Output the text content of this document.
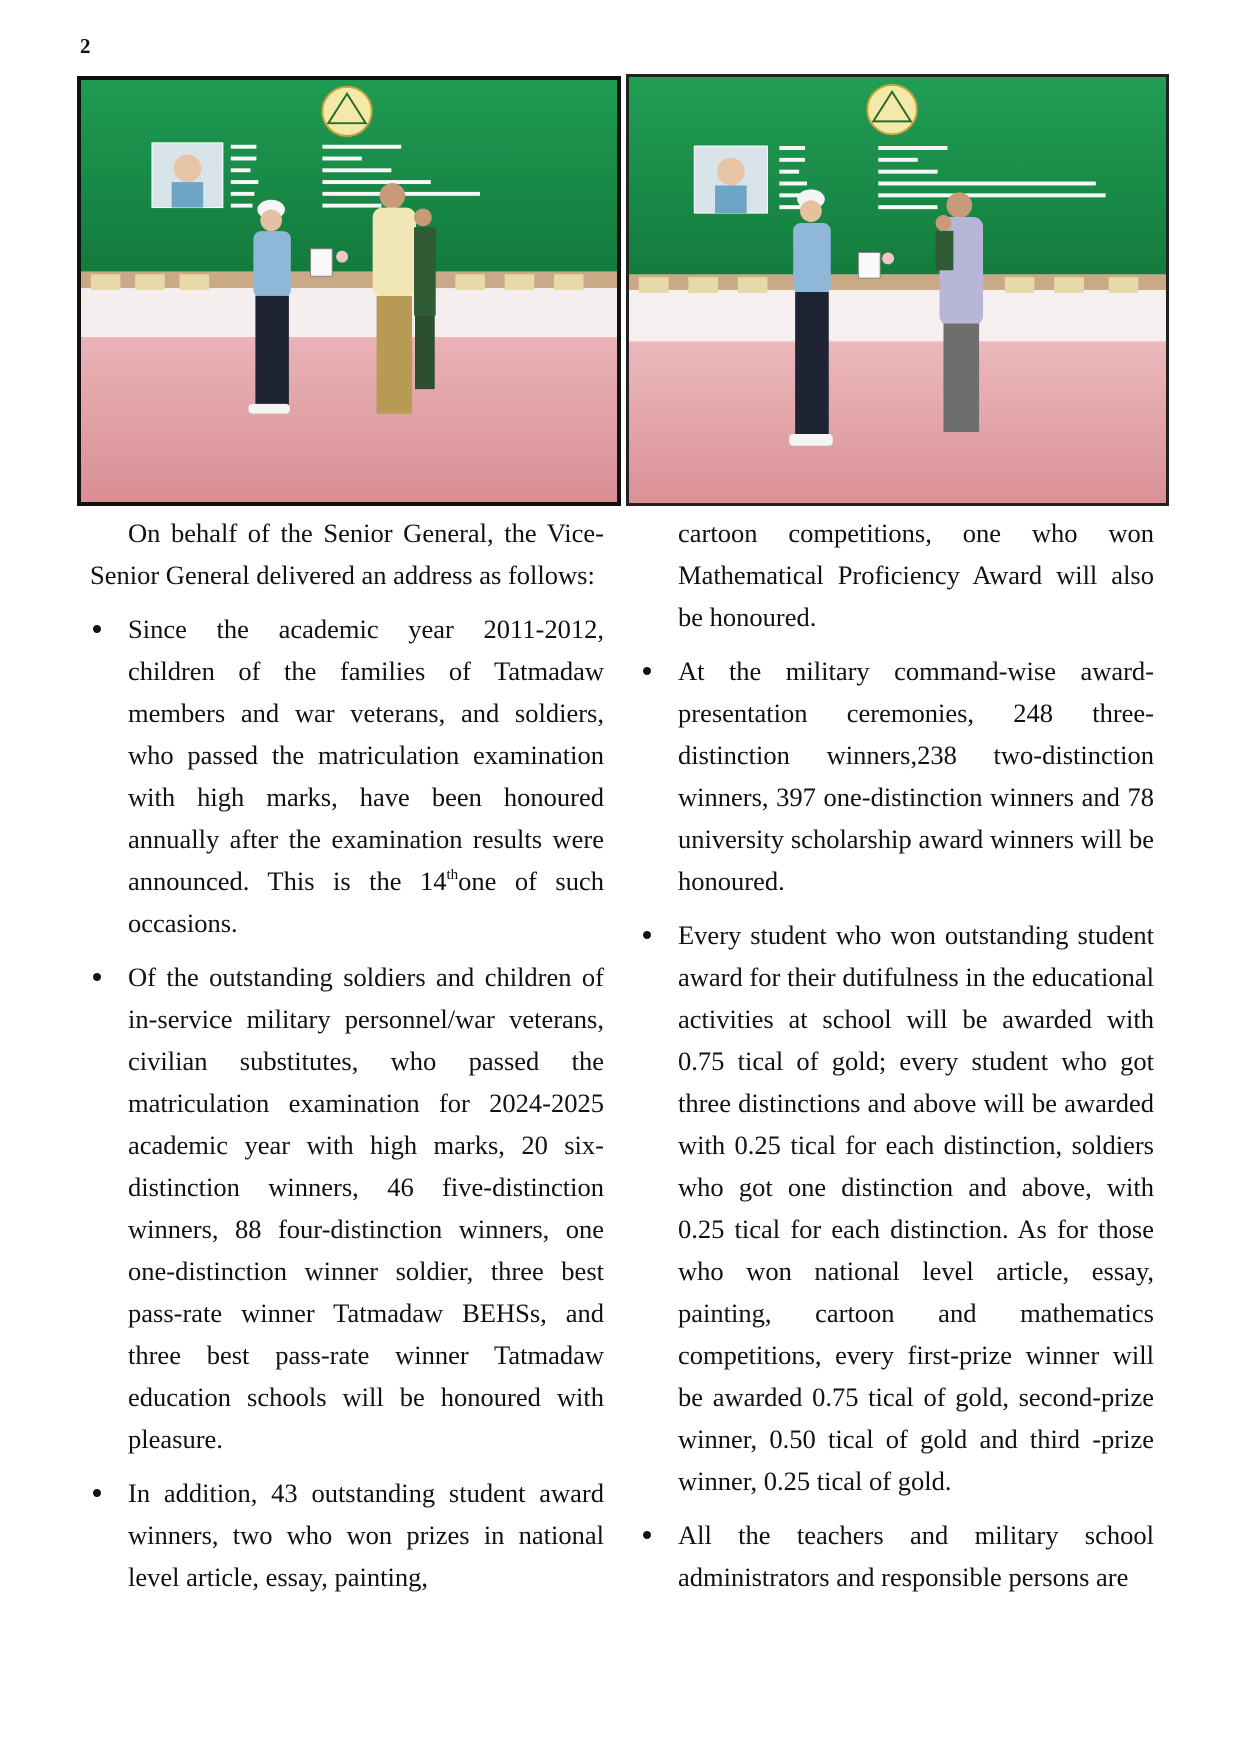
2

On behalf of the Senior General, the Vice-Senior General delivered an address as follows:

Since the academic year 2011-2012, children of the families of Tatmadaw members and war veterans, and soldiers, who passed the matriculation examination with high marks, have been honoured annually after the examination results were announced. This is the 14thone of such occasions.
Of the outstanding soldiers and children of in-service military personnel/war veterans, civilian substitutes, who passed the matriculation examination for 2024-2025 academic year with high marks, 20 six-distinction winners, 46 five-distinction winners, 88 four-distinction winners, one one-distinction winner soldier, three best pass-rate winner Tatmadaw BEHSs, and three best pass-rate winner Tatmadaw education schools will be honoured with pleasure.
In addition, 43 outstanding student award winners, two who won prizes in national level article, essay, painting,

cartoon competitions, one who won Mathematical Proficiency Award will also be honoured.

At the military command-wise award-presentation ceremonies, 248 three-distinction winners,238 two-distinction winners, 397 one-distinction winners and 78 university scholarship award winners will be honoured.
Every student who won outstanding student award for their dutifulness in the educational activities at school will be awarded with 0.75 tical of gold; every student who got three distinctions and above will be awarded with 0.25 tical for each distinction, soldiers who got one distinction and above, with 0.25 tical for each distinction. As for those who won national level article, essay, painting, cartoon and mathematics competitions, every first-prize winner will be awarded 0.75 tical of gold, second-prize winner, 0.50 tical of gold and third -prize winner, 0.25 tical of gold.
All the teachers and military school administrators and responsible persons are
